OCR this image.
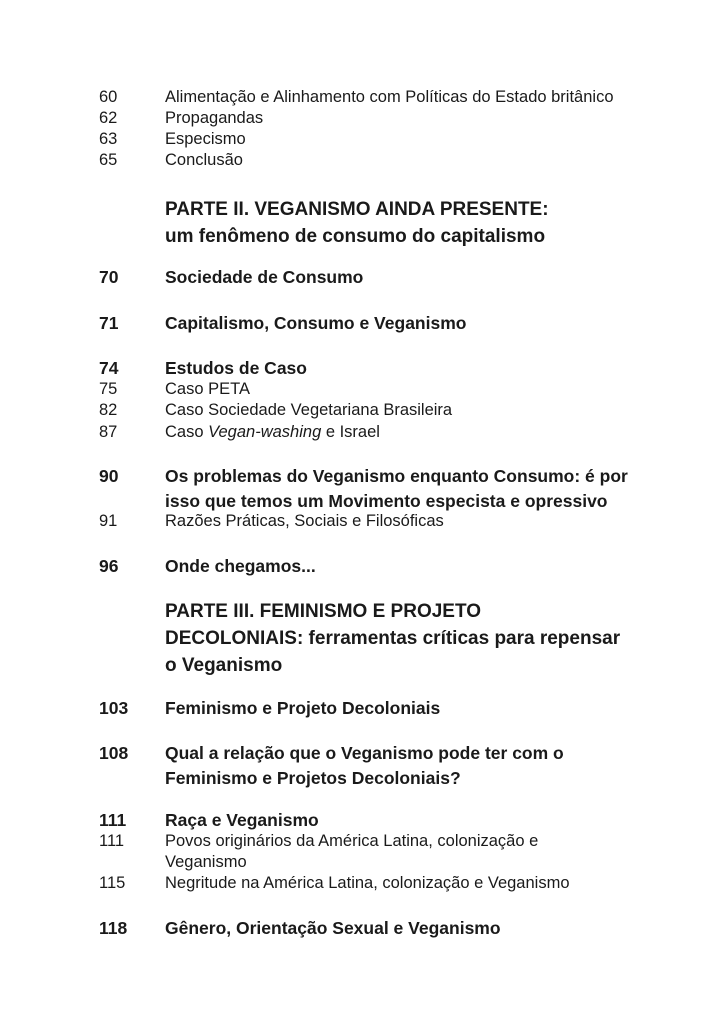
60	Alimentação e Alinhamento com Políticas do Estado britânico
62	Propagandas
63	Especismo
65	Conclusão
PARTE II. VEGANISMO AINDA PRESENTE:
um fenômeno de consumo do capitalismo
70	Sociedade de Consumo
71	Capitalismo, Consumo e Veganismo
74	Estudos de Caso
75	Caso PETA
82	Caso Sociedade Vegetariana Brasileira
87	Caso Vegan-washing e Israel
90	Os problemas do Veganismo enquanto Consumo: é por
isso que temos um Movimento especista e opressivo
91	Razões Práticas, Sociais e Filosóficas
96	Onde chegamos...
PARTE III. FEMINISMO E PROJETO
DECOLONIAIS: ferramentas críticas para repensar
o Veganismo
103 Feminismo e Projeto Decoloniais
108 Qual a relação que o Veganismo pode ter com o
Feminismo e Projetos Decoloniais?
111 Raça e Veganismo
111 Povos originários da América Latina, colonização e
Veganismo
115 Negritude na América Latina, colonização e Veganismo
118 Gênero, Orientação Sexual e Veganismo
